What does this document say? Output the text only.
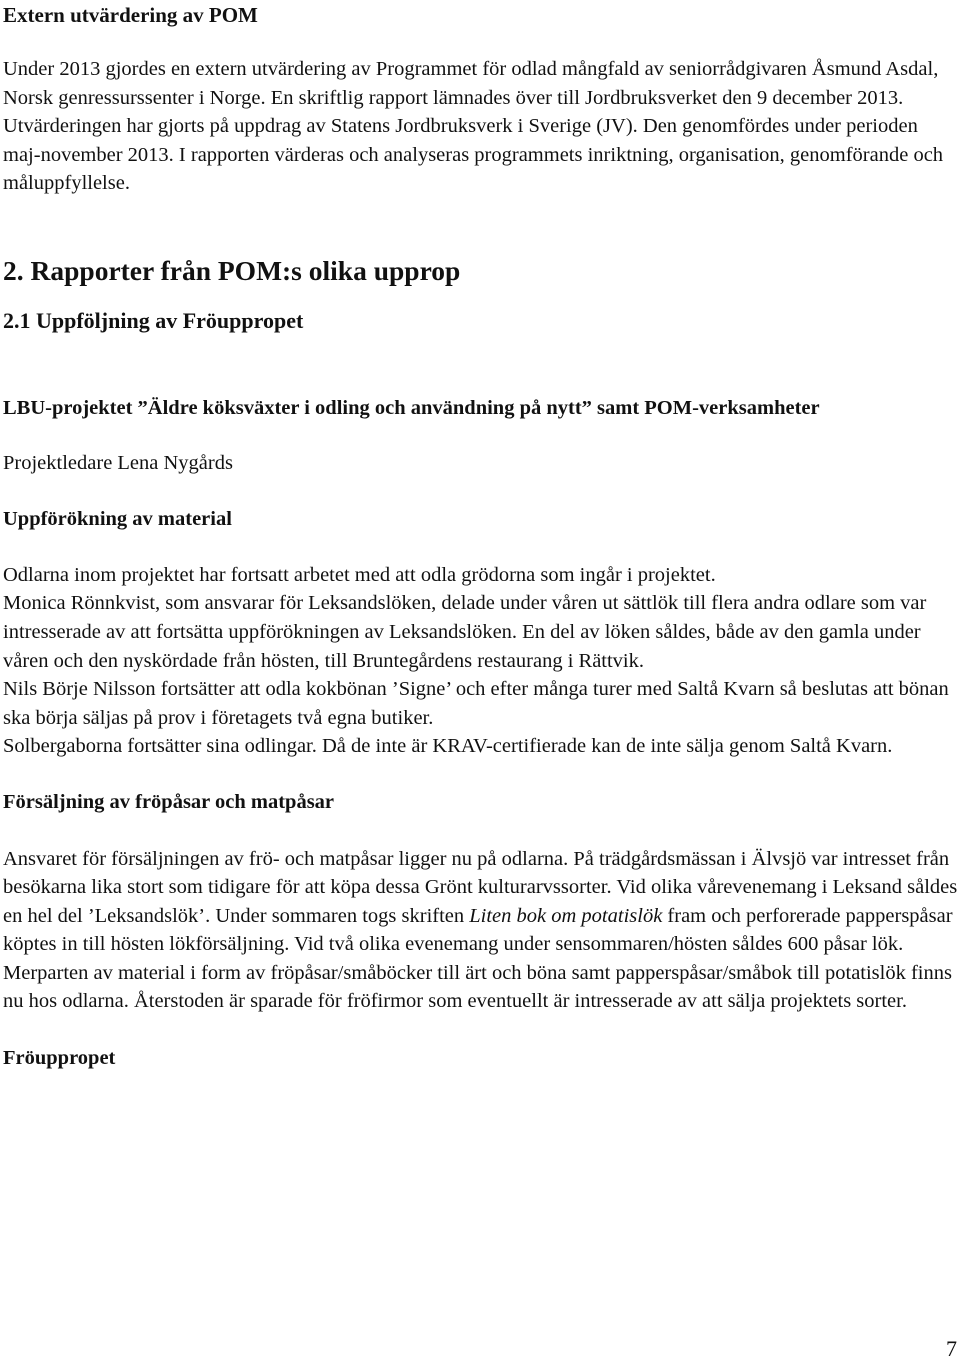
Extern utvärdering av POM

Under 2013 gjordes en extern utvärdering av Programmet för odlad mångfald av seniorrådgivaren Åsmund Asdal, Norsk genressurssenter i Norge. En skriftlig rapport lämnades över till Jordbruksverket den 9 december 2013. Utvärderingen har gjorts på uppdrag av Statens Jordbruksverk i Sverige (JV). Den genomfördes under perioden maj-november 2013. I rapporten värderas och analyseras programmets inriktning, organisation, genomförande och måluppfyllelse.

2. Rapporter från POM:s olika upprop

2.1 Uppföljning av Fröuppropet

LBU-projektet ”Äldre köksväxter i odling och användning på nytt” samt POM-verksamheter

Projektledare Lena Nygårds

Uppförökning av material

Odlarna inom projektet har fortsatt arbetet med att odla grödorna som ingår i projektet.

Monica Rönnkvist, som ansvarar för Leksandslöken, delade under våren ut sättlök till flera andra odlare som var intresserade av att fortsätta uppförökningen av Leksandslöken. En del av löken såldes, både av den gamla under våren och den nyskördade från hösten, till Bruntegårdens restaurang i Rättvik.

Nils Börje Nilsson fortsätter att odla kokbönan ’Signe’ och efter många turer med Saltå Kvarn så beslutas att bönan ska börja säljas på prov i företagets två egna butiker.

Solbergaborna fortsätter sina odlingar. Då de inte är KRAV-certifierade kan de inte sälja genom Saltå Kvarn.

Försäljning av fröpåsar och matpåsar

Ansvaret för försäljningen av frö- och matpåsar ligger nu på odlarna. På trädgårdsmässan i Älvsjö var intresset från besökarna lika stort som tidigare för att köpa dessa Grönt kulturarvssorter. Vid olika vårevenemang i Leksand såldes en hel del ’Leksandslök’. Under sommaren togs skriften Liten bok om potatislök fram och perforerade papperspåsar köptes in till hösten lökförsäljning. Vid två olika evenemang under sensommaren/hösten såldes 600 påsar lök. Merparten av material i form av fröpåsar/småböcker till ärt och böna samt papperspåsar/småbok till potatislök finns nu hos odlarna. Återstoden är sparade för fröfirmor som eventuellt är intresserade av att sälja projektets sorter.

Fröuppropet

7
